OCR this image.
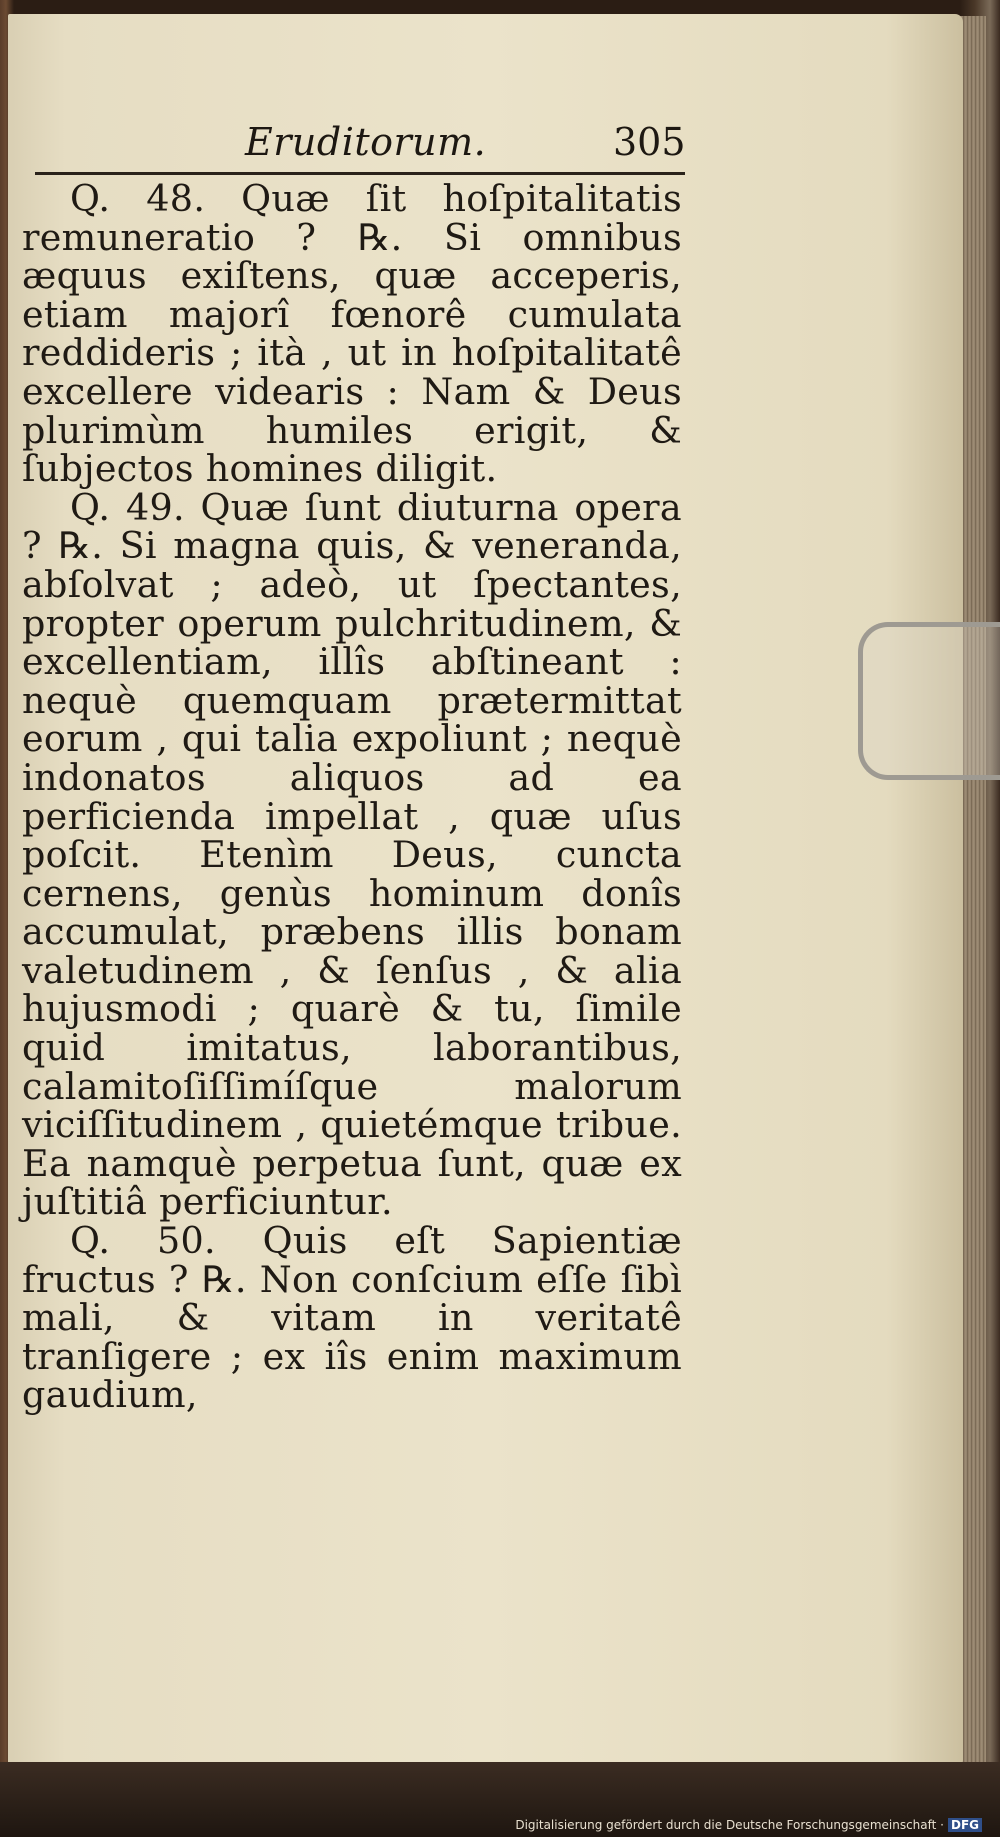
Eruditorum.	305

Q. 48. Quæ ſit hoſpitalitatis remuneratio ? ℞. Si omnibus æquus exiſtens, quæ acceperis, etiam majorî fœnorê cumulata reddideris ; ità , ut in hoſpitalitatê excellere videaris : Nam & Deus plurimùm humiles erigit, & ſubjectos homines diligit.

Q. 49. Quæ ſunt diuturna opera ? ℞. Si magna quis, & veneranda, abſolvat ; adeò, ut ſpectantes, propter operum pulchritudinem, & excellentiam, illîs abſtineant : nequè quemquam prætermittat eorum , qui talia expoliunt ; nequè indonatos aliquos ad ea perficienda impellat , quæ uſus poſcit. Etenìm Deus, cuncta cernens, genùs hominum donîs accumulat, præbens illis bonam valetudinem , & ſenſus , & alia hujusmodi ; quarè & tu, ſimile quid imitatus, laborantibus, calamitoſiſſimíſque malorum viciſſitudinem , quietémque tribue. Ea namquè perpetua ſunt, quæ ex juſtitiâ perficiuntur.

Q. 50. Quis eſt Sapientiæ fructus ? ℞. Non conſcium eſſe ſibì mali, & vitam in veritatê tranſigere ; ex iîs enim maximum gaudium,

Digitalisierung gefördert durch die Deutsche Forschungsgemeinschaft · DFG
